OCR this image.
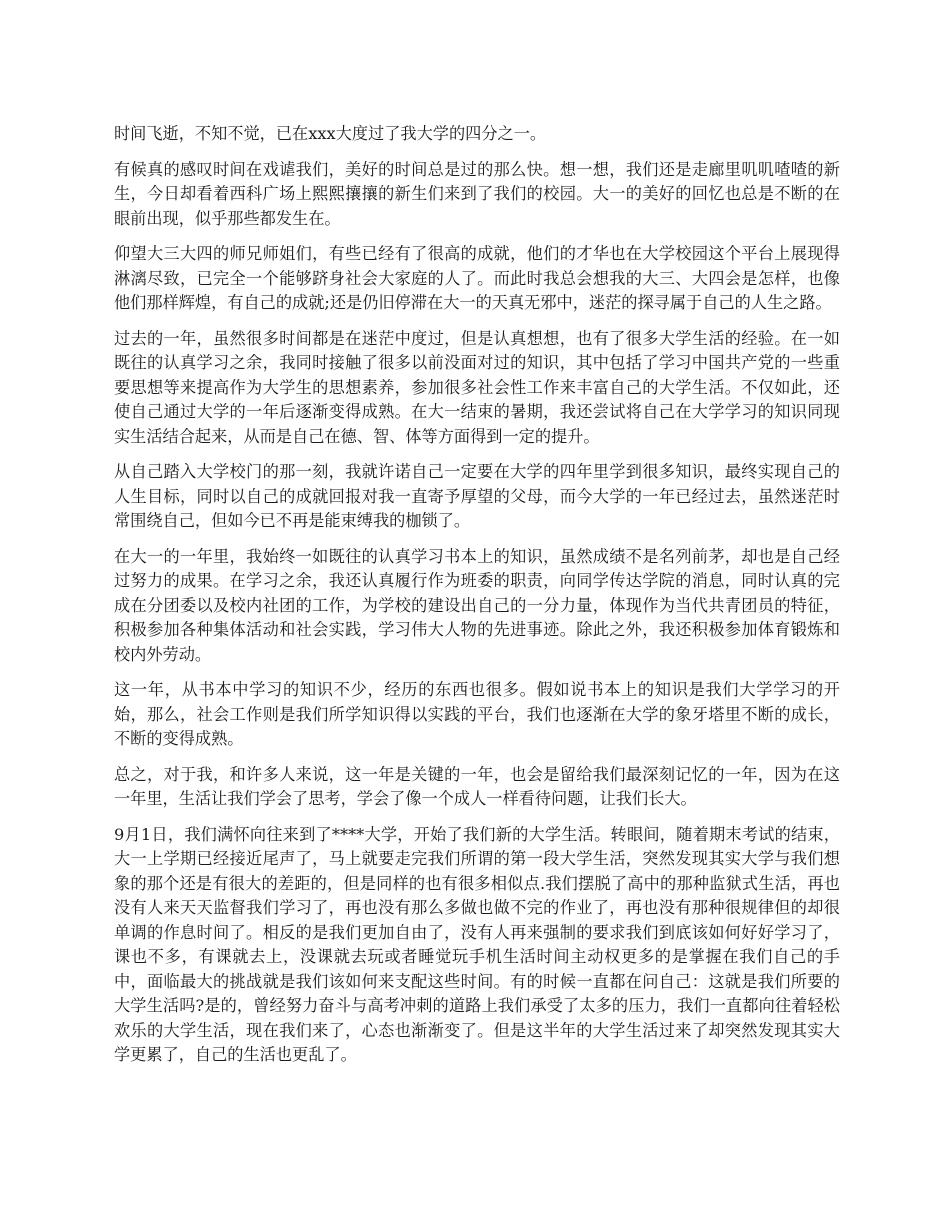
时间飞逝，不知不觉，已在xxx大度过了我大学的四分之一。

有候真的感叹时间在戏谑我们，美好的时间总是过的那么快。想一想，我们还是走廊里叽叽喳喳的新生，今日却看着西科广场上熙熙攘攘的新生们来到了我们的校园。大一的美好的回忆也总是不断的在眼前出现，似乎那些都发生在。

仰望大三大四的师兄师姐们，有些已经有了很高的成就，他们的才华也在大学校园这个平台上展现得淋漓尽致，已完全一个能够跻身社会大家庭的人了。而此时我总会想我的大三、大四会是怎样，也像他们那样辉煌，有自己的成就;还是仍旧停滞在大一的天真无邪中，迷茫的探寻属于自己的人生之路。

过去的一年，虽然很多时间都是在迷茫中度过，但是认真想想，也有了很多大学生活的经验。在一如既往的认真学习之余，我同时接触了很多以前没面对过的知识，其中包括了学习中国共产党的一些重要思想等来提高作为大学生的思想素养，参加很多社会性工作来丰富自己的大学生活。不仅如此，还使自己通过大学的一年后逐渐变得成熟。在大一结束的暑期，我还尝试将自己在大学学习的知识同现实生活结合起来，从而是自己在德、智、体等方面得到一定的提升。

从自己踏入大学校门的那一刻，我就许诺自己一定要在大学的四年里学到很多知识，最终实现自己的人生目标，同时以自己的成就回报对我一直寄予厚望的父母，而今大学的一年已经过去，虽然迷茫时常围绕自己，但如今已不再是能束缚我的枷锁了。

在大一的一年里，我始终一如既往的认真学习书本上的知识，虽然成绩不是名列前茅，却也是自己经过努力的成果。在学习之余，我还认真履行作为班委的职责，向同学传达学院的消息，同时认真的完成在分团委以及校内社团的工作，为学校的建设出自己的一分力量，体现作为当代共青团员的特征，积极参加各种集体活动和社会实践，学习伟大人物的先进事迹。除此之外，我还积极参加体育锻炼和校内外劳动。

这一年，从书本中学习的知识不少，经历的东西也很多。假如说书本上的知识是我们大学学习的开始，那么，社会工作则是我们所学知识得以实践的平台，我们也逐渐在大学的象牙塔里不断的成长，不断的变得成熟。

总之，对于我，和许多人来说，这一年是关键的一年，也会是留给我们最深刻记忆的一年，因为在这一年里，生活让我们学会了思考，学会了像一个成人一样看待问题，让我们长大。

9月1日，我们满怀向往来到了****大学，开始了我们新的大学生活。转眼间，随着期末考试的结束，大一上学期已经接近尾声了，马上就要走完我们所谓的第一段大学生活，突然发现其实大学与我们想象的那个还是有很大的差距的，但是同样的也有很多相似点.我们摆脱了高中的那种监狱式生活，再也没有人来天天监督我们学习了，再也没有那么多做也做不完的作业了，再也没有那种很规律但的却很单调的作息时间了。相反的是我们更加自由了，没有人再来强制的要求我们到底该如何好好学习了，课也不多，有课就去上，没课就去玩或者睡觉玩手机生活时间主动权更多的是掌握在我们自己的手中，面临最大的挑战就是我们该如何来支配这些时间。有的时候一直都在问自己：这就是我们所要的大学生活吗?是的，曾经努力奋斗与高考冲刺的道路上我们承受了太多的压力，我们一直都向往着轻松欢乐的大学生活，现在我们来了，心态也渐渐变了。但是这半年的大学生活过来了却突然发现其实大学更累了，自己的生活也更乱了。
